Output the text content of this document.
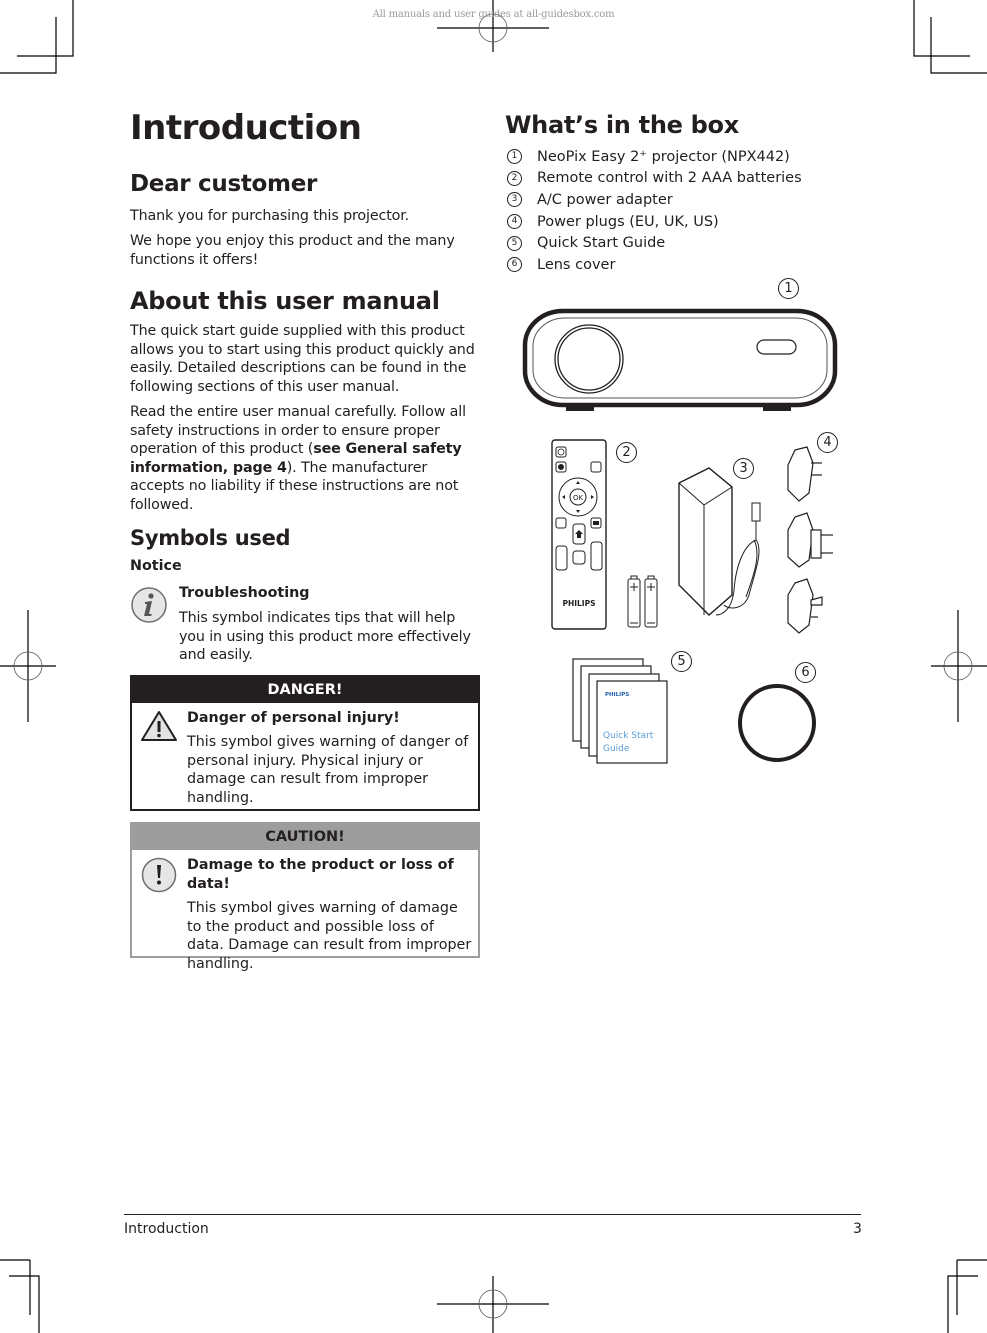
All manuals and user guides at all-guidesbox.com
Introduction
Dear customer

Thank you for purchasing this projector.

We hope you enjoy this product and the many functions it offers!

About this user manual

The quick start guide supplied with this product allows you to start using this product quickly and easily. Detailed descriptions can be found in the following sections of this user manual.

Read the entire user manual carefully. Follow all safety instructions in order to ensure proper operation of this product (see General safety information, page 4). The manufacturer accepts no liability if these instructions are not followed.

Symbols used
Notice
Troubleshooting

This symbol indicates tips that will help you in using this product more effectively and easily.

DANGER!
Danger of personal injury!
This symbol gives warning of danger of personal injury. Physical injury or damage can result from improper handling.
CAUTION!
Damage to the product or loss of data!
This symbol gives warning of damage to the product and possible loss of data. Damage can result from improper handling.
What’s in the box
1	NeoPix Easy 2⁺ projector (NPX442)
2	Remote control with 2 AAA batteries
3	A/C power adapter
4	Power plugs (EU, UK, US)
5	Quick Start Guide
6	Lens cover
1
OK
PHILIPS
2
3
4
PHILIPS
Quick Start
Guide
5
6
Introduction	3
